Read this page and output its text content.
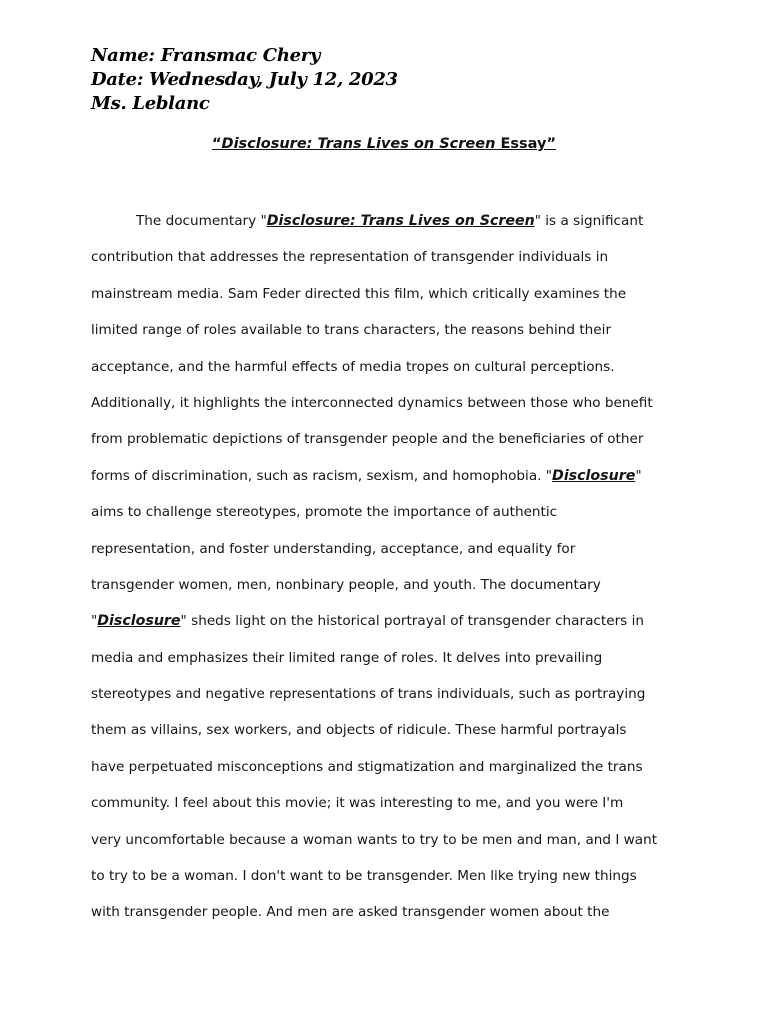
Name: Fransmac Chery
Date: Wednesday, July 12, 2023
Ms. Leblanc
“Disclosure: Trans Lives on Screen Essay”
The documentary "Disclosure: Trans Lives on Screen" is a significant
contribution that addresses the representation of transgender individuals in
mainstream media. Sam Feder directed this film, which critically examines the
limited range of roles available to trans characters, the reasons behind their
acceptance, and the harmful effects of media tropes on cultural perceptions.
Additionally, it highlights the interconnected dynamics between those who benefit
from problematic depictions of transgender people and the beneficiaries of other
forms of discrimination, such as racism, sexism, and homophobia. "Disclosure"
aims to challenge stereotypes, promote the importance of authentic
representation, and foster understanding, acceptance, and equality for
transgender women, men, nonbinary people, and youth. The documentary
"Disclosure" sheds light on the historical portrayal of transgender characters in
media and emphasizes their limited range of roles. It delves into prevailing
stereotypes and negative representations of trans individuals, such as portraying
them as villains, sex workers, and objects of ridicule. These harmful portrayals
have perpetuated misconceptions and stigmatization and marginalized the trans
community. I feel about this movie; it was interesting to me, and you were I'm
very uncomfortable because a woman wants to try to be men and man, and I want
to try to be a woman. I don't want to be transgender. Men like trying new things
with transgender people. And men are asked transgender women about the
